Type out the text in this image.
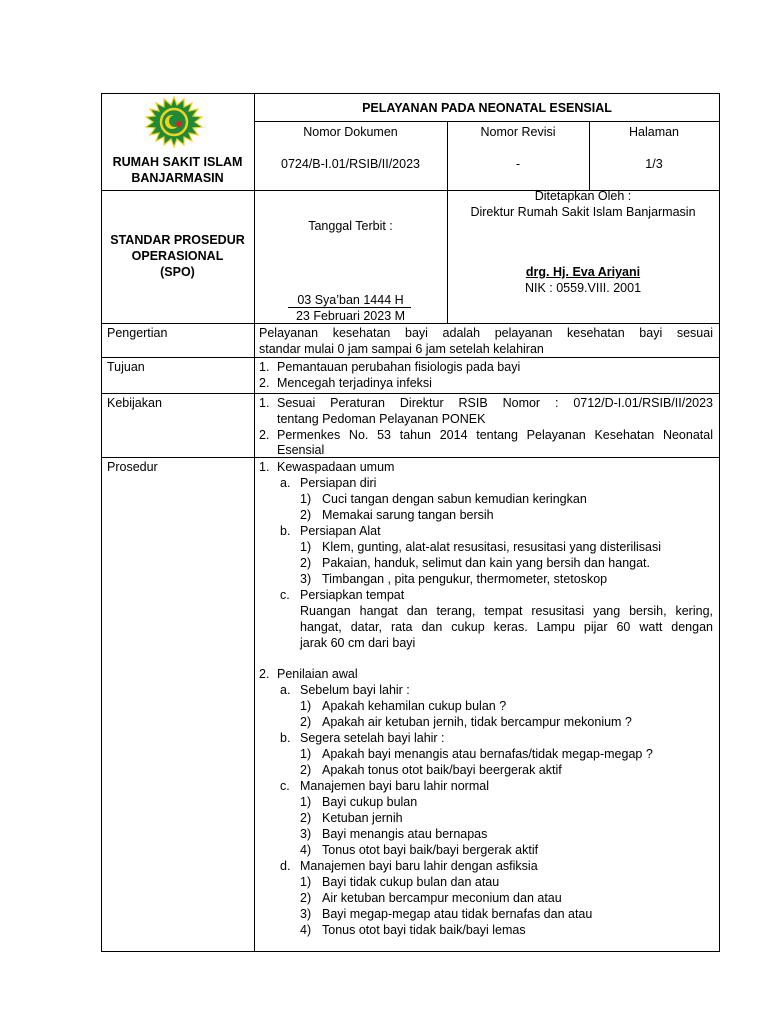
RUMAH SAKIT ISLAM
BANJARMASIN
PELAYANAN PADA NEONATAL ESENSIAL
Nomor Dokumen	Nomor Revisi	Halaman
0724/B-I.01/RSIB/II/2023	-	1/3
STANDAR PROSEDUR
OPERASIONAL
(SPO)
Tanggal Terbit :
03 Sya’ban 1444 H
23 Februari 2023 M
Ditetapkan Oleh :
Direktur Rumah Sakit Islam Banjarmasin
drg. Hj. Eva Ariyani
NIK : 0559.VIII. 2001
Pengertian	Pelayanan kesehatan bayi adalah pelayanan kesehatan bayi sesuai
standar mulai 0 jam sampai 6 jam setelah kelahiran
Tujuan	1. Pemantauan perubahan fisiologis pada bayi
2. Mencegah terjadinya infeksi
Kebijakan	1. Sesuai Peraturan Direktur RSIB Nomor : 0712/D-I.01/RSIB/II/2023
tentang Pedoman Pelayanan PONEK
2. Permenkes No. 53 tahun 2014 tentang Pelayanan Kesehatan Neonatal
Esensial
Prosedur	1. Kewaspadaan umum
a. Persiapan diri
1) Cuci tangan dengan sabun kemudian keringkan
2) Memakai sarung tangan bersih
b. Persiapan Alat
1) Klem, gunting, alat-alat resusitasi, resusitasi yang disterilisasi
2) Pakaian, handuk, selimut dan kain yang bersih dan hangat.
3) Timbangan , pita pengukur, thermometer, stetoskop
c. Persiapkan tempat
Ruangan hangat dan terang, tempat resusitasi yang bersih, kering,
hangat, datar, rata dan cukup keras. Lampu pijar 60 watt dengan
jarak 60 cm dari bayi
2. Penilaian awal
a. Sebelum bayi lahir :
1) Apakah kehamilan cukup bulan ?
2) Apakah air ketuban jernih, tidak bercampur mekonium ?
b. Segera setelah bayi lahir :
1) Apakah bayi menangis atau bernafas/tidak megap-megap ?
2) Apakah tonus otot baik/bayi beergerak aktif
c. Manajemen bayi baru lahir normal
1) Bayi cukup bulan
2) Ketuban jernih
3) Bayi menangis atau bernapas
4) Tonus otot bayi baik/bayi bergerak aktif
d. Manajemen bayi baru lahir dengan asfiksia
1) Bayi tidak cukup bulan dan atau
2) Air ketuban bercampur meconium dan atau
3) Bayi megap-megap atau tidak bernafas dan atau
4) Tonus otot bayi tidak baik/bayi lemas
